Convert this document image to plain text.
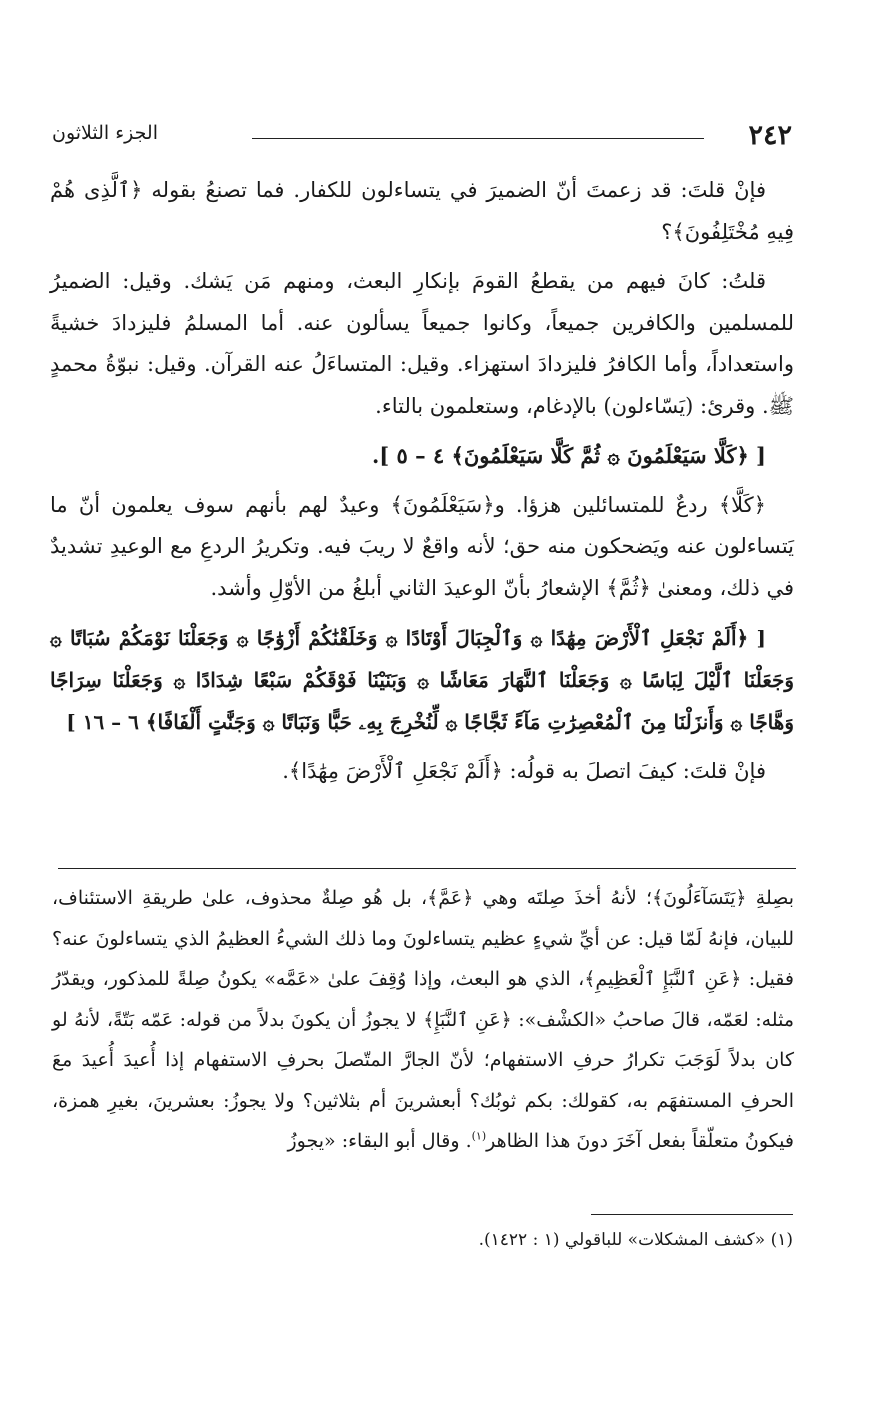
٢٤٢
الجزء الثلاثون

فإنْ قلتَ: قد زعمتَ أنّ الضميرَ في يتساءلون للكفار. فما تصنعُ بقوله ﴿ٱلَّذِى هُمْ فِيهِ مُخْتَلِفُونَ﴾؟

قلتُ: كانَ فيهم من يقطعُ القومَ بإنكارِ البعث، ومنهم مَن يَشك. وقيل: الضميرُ للمسلمين والكافرين جميعاً، وكانوا جميعاً يسألون عنه. أما المسلمُ فليزدادَ خشيةً واستعداداً، وأما الكافرُ فليزدادَ استهزاء. وقيل: المتساءَلُ عنه القرآن. وقيل: نبوّةُ محمدٍ ﷺ. وقرئ: (يَسّاءلون) بالإدغام، وستعلمون بالتاء.

[ ﴿كَلَّا سَيَعْلَمُونَ ۞ ثُمَّ كَلَّا سَيَعْلَمُونَ﴾ ٤ – ٥ ].

﴿كَلَّا﴾ ردعٌ للمتسائلين هزؤا. و﴿سَيَعْلَمُونَ﴾ وعيدٌ لهم بأنهم سوف يعلمون أنّ ما يَتساءلون عنه ويَضحكون منه حق؛ لأنه واقعٌ لا ريبَ فيه. وتكريرُ الردعِ مع الوعيدِ تشديدٌ في ذلك، ومعنىٰ ﴿ثُمَّ﴾ الإشعارُ بأنّ الوعيدَ الثاني أبلغُ من الأوّلِ وأشد.

[ ﴿أَلَمْ نَجْعَلِ ٱلْأَرْضَ مِهَٰدًا ۞ وَٱلْجِبَالَ أَوْتَادًا ۞ وَخَلَقْنَٰكُمْ أَزْوَٰجًا ۞ وَجَعَلْنَا نَوْمَكُمْ سُبَاتًا ۞ وَجَعَلْنَا ٱلَّيْلَ لِبَاسًا ۞ وَجَعَلْنَا ٱلنَّهَارَ مَعَاشًا ۞ وَبَنَيْنَا فَوْقَكُمْ سَبْعًا شِدَادًا ۞ وَجَعَلْنَا سِرَاجًا وَهَّاجًا ۞ وَأَنزَلْنَا مِنَ ٱلْمُعْصِرَٰتِ مَآءً ثَجَّاجًا ۞ لِّنُخْرِجَ بِهِۦ حَبًّا وَنَبَاتًا ۞ وَجَنَّٰتٍ أَلْفَافًا﴾ ٦ – ١٦ ]

فإنْ قلتَ: كيفَ اتصلَ به قولُه: ﴿أَلَمْ نَجْعَلِ ٱلْأَرْضَ مِهَٰدًا﴾.

بصِلةِ ﴿يَتَسَآءَلُونَ﴾؛ لأنهُ أخذَ صِلتَه وهي ﴿عَمَّ﴾، بل هُو صِلةٌ محذوف، علىٰ طريقةِ الاستئناف، للبيان، فإنهُ لَمّا قيل: عن أيِّ شيءٍ عظيم يتساءلونَ وما ذلك الشيءُ العظيمُ الذي يتساءلونَ عنه؟ فقيل: ﴿عَنِ ٱلنَّبَإِ ٱلْعَظِيمِ﴾، الذي هو البعث، وإذا وُقِفَ علىٰ «عَمَّه» يكونُ صِلةً للمذكور، ويقدّرُ مثله: لعَمّه، قالَ صاحبُ «الكشْف»: ﴿عَنِ ٱلنَّبَإِ﴾ لا يجوزُ أن يكونَ بدلاً من قوله: عَمّه بَتّةً، لأنهُ لو كان بدلاً لَوَجَبَ تكرارُ حرفِ الاستفهام؛ لأنّ الجارَّ المتّصلَ بحرفِ الاستفهام إذا أُعيدَ أُعيدَ معَ الحرفِ المستفهَم به، كقولك: بكم ثوبُك؟ أبعشرينَ أم بثلاثين؟ ولا يجوزُ: بعشرينَ، بغيرِ همزة، فيكونُ متعلّقاً بفعل آخَرَ دونَ هذا الظاهر$^{(١)}$. وقال أبو البقاء: «يجوزُ

(١) «كشف المشكلات» للباقولي (١ : ١٤٢٢).
